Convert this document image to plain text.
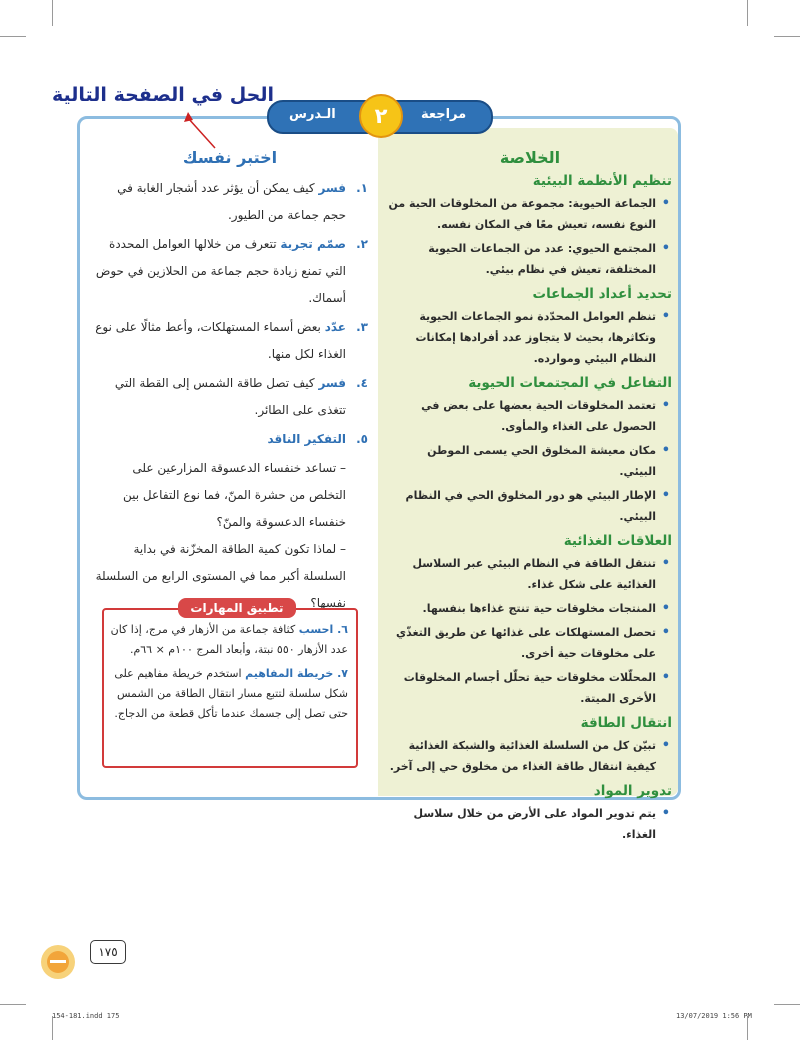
الـدرس	٢	مراجعة
الحل في الصفحة التالية
الخلاصة
تنظيم الأنظمة البيئية
•
الجماعة الحيوية: مجموعة من المخلوقات الحية من النوع نفسه، تعيش معًا في المكان نفسه.
•
المجتمع الحيوي: عدد من الجماعات الحيوية المختلفة، تعيش في نظام بيئي.
تحديد أعداد الجماعات
•
تنظم العوامل المحدّدة نمو الجماعات الحيوية وتكاثرها، بحيث لا يتجاوز عدد أفرادها إمكانات النظام البيئي وموارده.
التفاعل في المجتمعات الحيوية
•
تعتمد المخلوقات الحية بعضها على بعض في الحصول على الغذاء والمأوى.
•
مكان معيشة المخلوق الحي يسمى الموطن البيئي.
•
الإطار البيئي هو دور المخلوق الحي في النظام البيئي.
العلاقات الغذائية
•
تنتقل الطاقة في النظام البيئي عبر السلاسل الغذائية على شكل غذاء.
•
المنتجات مخلوقات حية تنتج غذاءها بنفسها.
•
تحصل المستهلكات على غذائها عن طريق التغذّي على مخلوقات حية أخرى.
•
المحلّلات مخلوقات حية تحلّل أجسام المخلوقات الأخرى الميتة.
انتقال الطاقة
•
تبيّن كل من السلسلة الغذائية والشبكة الغذائية كيفية انتقال طاقة الغذاء من مخلوق حي إلى آخر.
تدوير المواد
•
يتم تدوير المواد على الأرض من خلال سلاسل الغذاء.
اختبر نفسك
١.
فسر كيف يمكن أن يؤثر عدد أشجار الغابة في حجم جماعة من الطيور.
٢.
صمّم تجربة تتعرف من خلالها العوامل المحددة التي تمنع زيادة حجم جماعة من الحلازين في حوض أسماك.
٣.
عدّد بعض أسماء المستهلكات، وأعط مثالًا على نوع الغذاء لكل منها.
٤.
فسر كيف تصل طاقة الشمس إلى القطة التي تتغذى على الطائر.
٥.
التفكير الناقد
– تساعد خنفساء الدعسوقة المزارعين على التخلص من حشرة المنّ، فما نوع التفاعل بين خنفساء الدعسوقة والمنّ؟
– لماذا تكون كمية الطاقة المخزّنة في بداية السلسلة أكبر مما في المستوى الرابع من السلسلة نفسها؟
تطبيق المهارات
٦. احسب كثافة جماعة من الأزهار في مرج، إذا كان عدد الأزهار ٥٥٠ نبتة، وأبعاد المرج ١٠٠م × ٦٦م.
٧. خريطة المفاهيم استخدم خريطة مفاهيم على شكل سلسلة لتتبع مسار انتقال الطاقة من الشمس حتى تصل إلى جسمك عندما تأكل قطعة من الدجاج.
١٧٥
154-181.indd 175	13/07/2019 1:56 PM
